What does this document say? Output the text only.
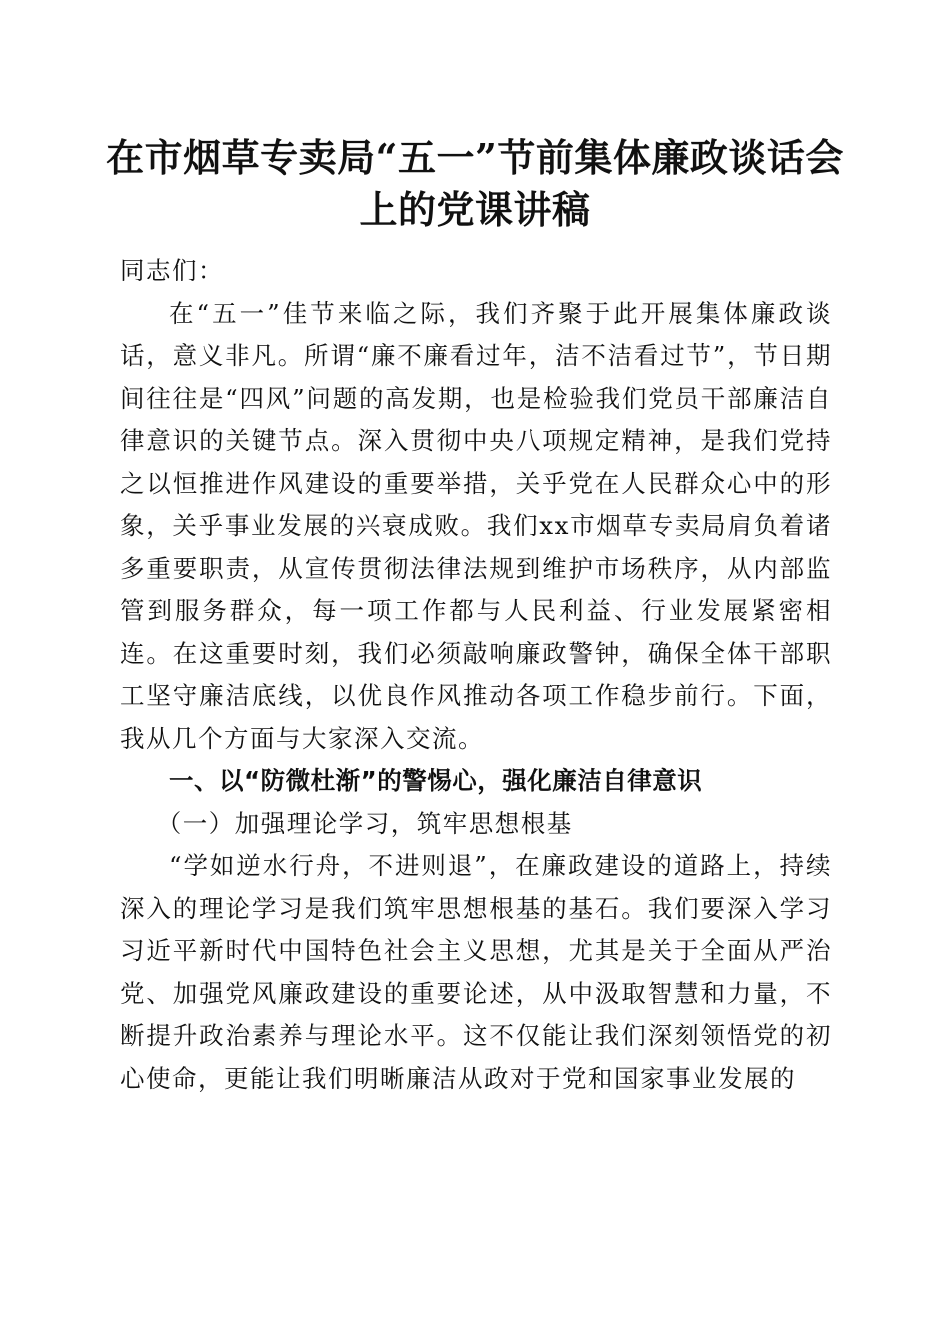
在市烟草专卖局“五一”节前集体廉政谈话会
上的党课讲稿

同志们：

在“五一”佳节来临之际，我们齐聚于此开展集体廉政谈话，意义非凡。所谓“廉不廉看过年，洁不洁看过节”，节日期间往往是“四风”问题的高发期，也是检验我们党员干部廉洁自律意识的关键节点。深入贯彻中央八项规定精神，是我们党持之以恒推进作风建设的重要举措，关乎党在人民群众心中的形象，关乎事业发展的兴衰成败。我们xx市烟草专卖局肩负着诸多重要职责，从宣传贯彻法律法规到维护市场秩序，从内部监管到服务群众，每一项工作都与人民利益、行业发展紧密相连。在这重要时刻，我们必须敲响廉政警钟，确保全体干部职工坚守廉洁底线，以优良作风推动各项工作稳步前行。下面，我从几个方面与大家深入交流。

一、以“防微杜渐”的警惕心，强化廉洁自律意识

（一）加强理论学习，筑牢思想根基

“学如逆水行舟，不进则退”，在廉政建设的道路上，持续深入的理论学习是我们筑牢思想根基的基石。我们要深入学习习近平新时代中国特色社会主义思想，尤其是关于全面从严治党、加强党风廉政建设的重要论述，从中汲取智慧和力量，不断提升政治素养与理论水平。这不仅能让我们深刻领悟党的初心使命，更能让我们明晰廉洁从政对于党和国家事业发展的
